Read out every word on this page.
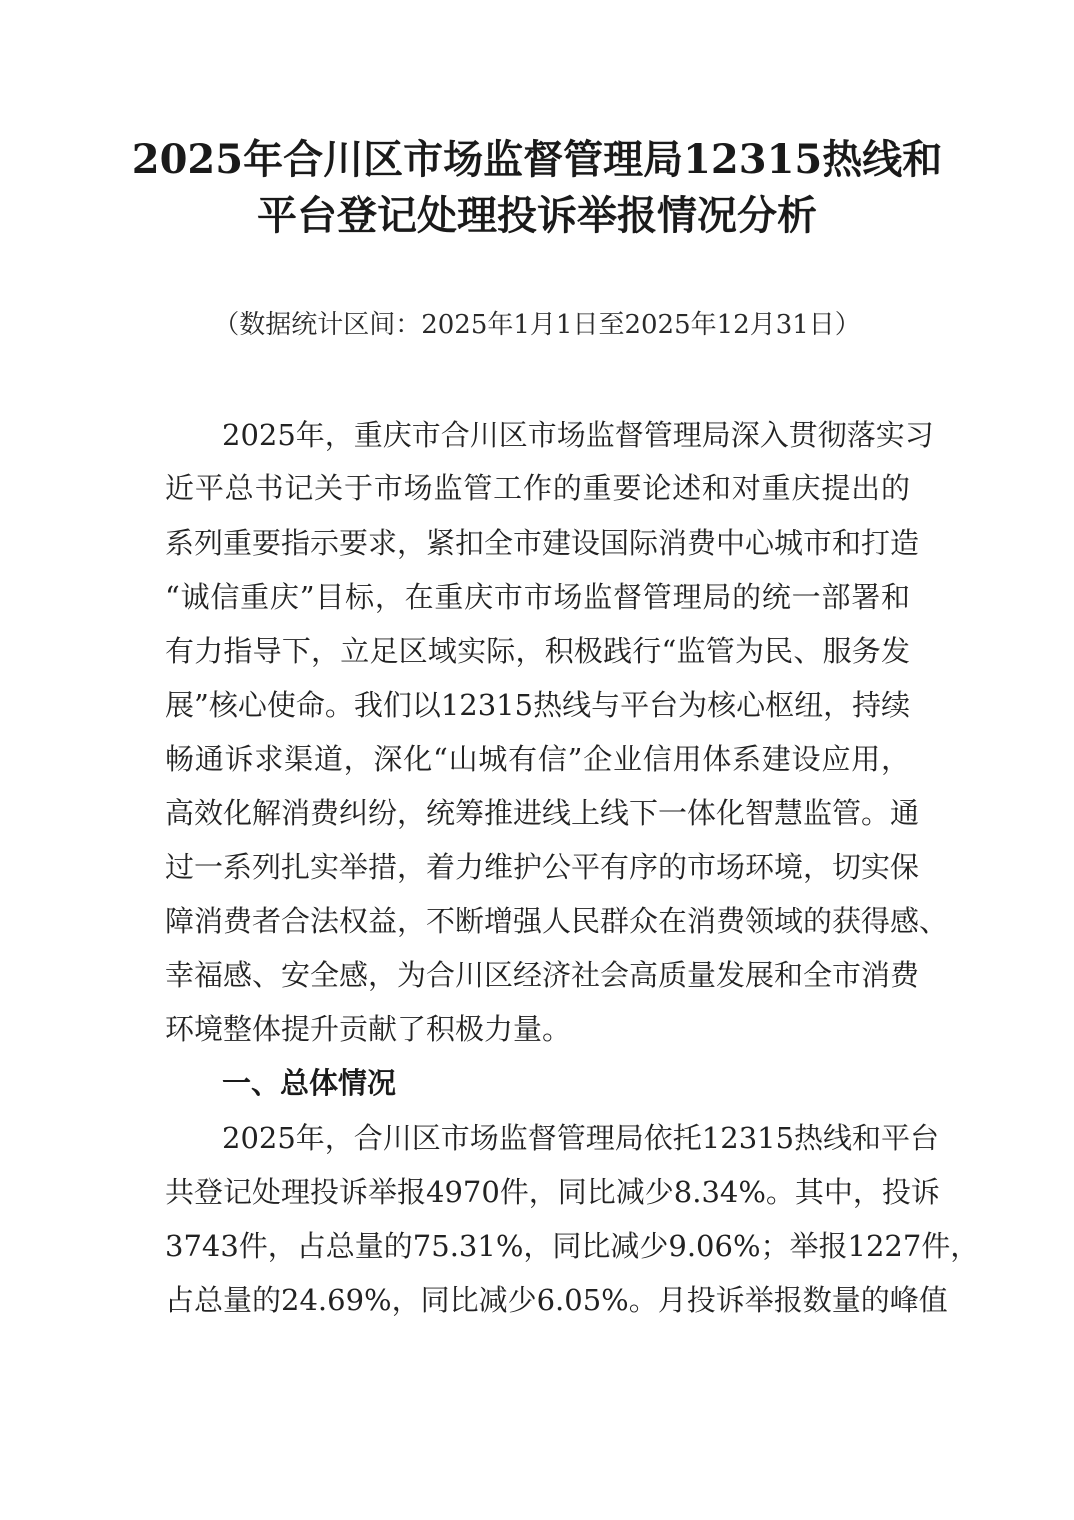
2025年合川区市场监督管理局12315热线和
平台登记处理投诉举报情况分析
（数据统计区间：2025年1月1日至2025年12月31日）
2025年，重庆市合川区市场监督管理局深入贯彻落实习
近平总书记关于市场监管工作的重要论述和对重庆提出的
系列重要指示要求，紧扣全市建设国际消费中心城市和打造
“诚信重庆”目标，在重庆市市场监督管理局的统一部署和
有力指导下，立足区域实际，积极践行“监管为民、服务发
展”核心使命。我们以12315热线与平台为核心枢纽，持续
畅通诉求渠道，深化“山城有信”企业信用体系建设应用，
高效化解消费纠纷，统筹推进线上线下一体化智慧监管。通
过一系列扎实举措，着力维护公平有序的市场环境，切实保
障消费者合法权益，不断增强人民群众在消费领域的获得感、
幸福感、安全感，为合川区经济社会高质量发展和全市消费
环境整体提升贡献了积极力量。
一、总体情况
2025年，合川区市场监督管理局依托12315热线和平台
共登记处理投诉举报4970件，同比减少8.34%。其中，投诉
3743件，占总量的75.31%，同比减少9.06%；举报1227件，
占总量的24.69%，同比减少6.05%。月投诉举报数量的峰值
